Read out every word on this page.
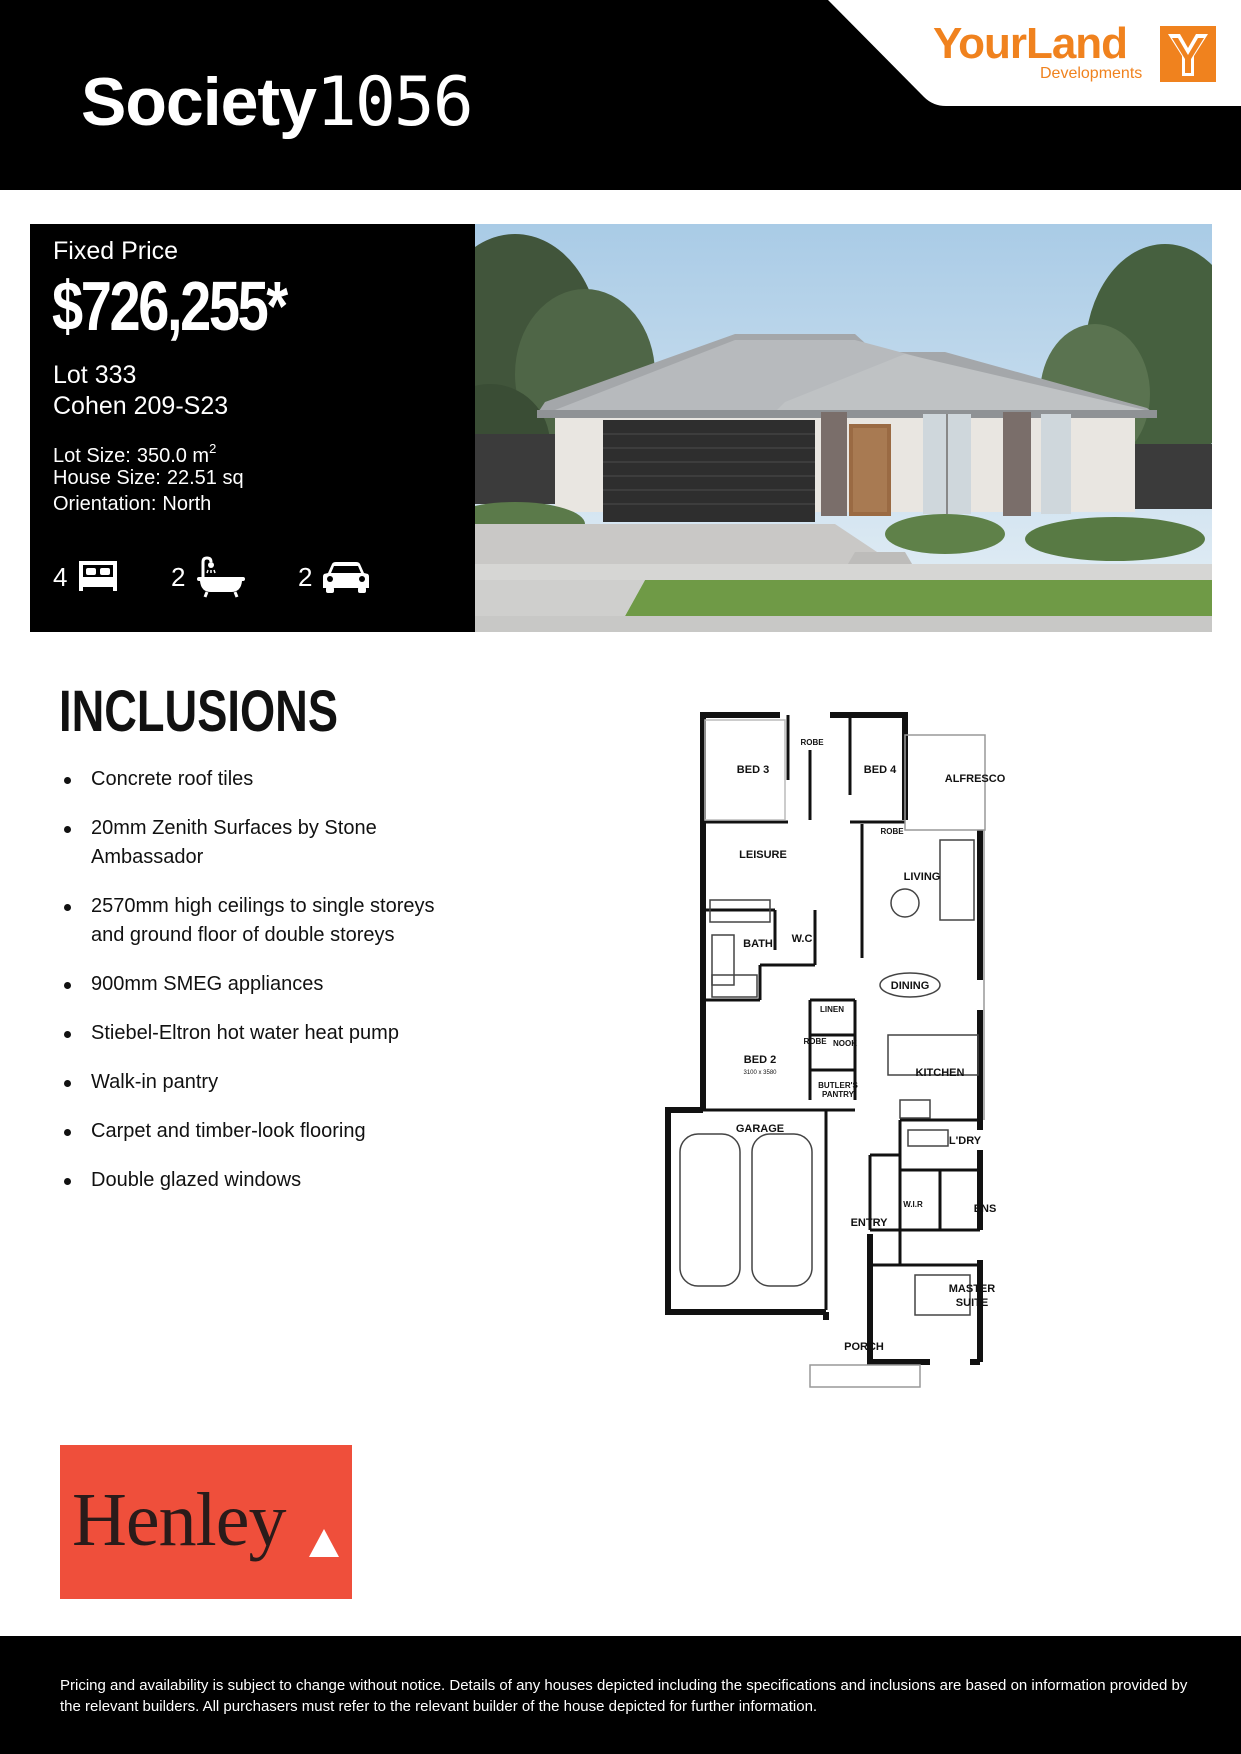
Society1056
YourLand
Developments
Fixed Price
$726,255*
Lot 333
Cohen 209-S23
Lot Size: 350.0 $m^2$
House Size: 22.51 sq
Orientation: North
4	2	2
INCLUSIONS
Concrete roof tiles
20mm Zenith Surfaces by Stone Ambassador
2570mm high ceilings to single storeys and ground floor of double storeys
900mm SMEG appliances
Stiebel-Eltron hot water heat pump
Walk-in pantry
Carpet and timber-look flooring
Double glazed windows
BED 3
ROBE
BED 4
ALFRESCO
ROBE
LEISURE
LIVING
BATH W.C
DINING
LINEN
ROBE NOOK
KITCHEN
BED 2
3100 x 3580
BUTLER'S
PANTRY
GARAGE
L'DRY
W.I.R	ENS
ENTRY
MASTER
SUITE
PORCH
Henley
Pricing and availability is subject to change without notice. Details of any houses depicted including the specifications and inclusions are based on information provided by the relevant builders. All purchasers must refer to the relevant builder of the house depicted for further information.
